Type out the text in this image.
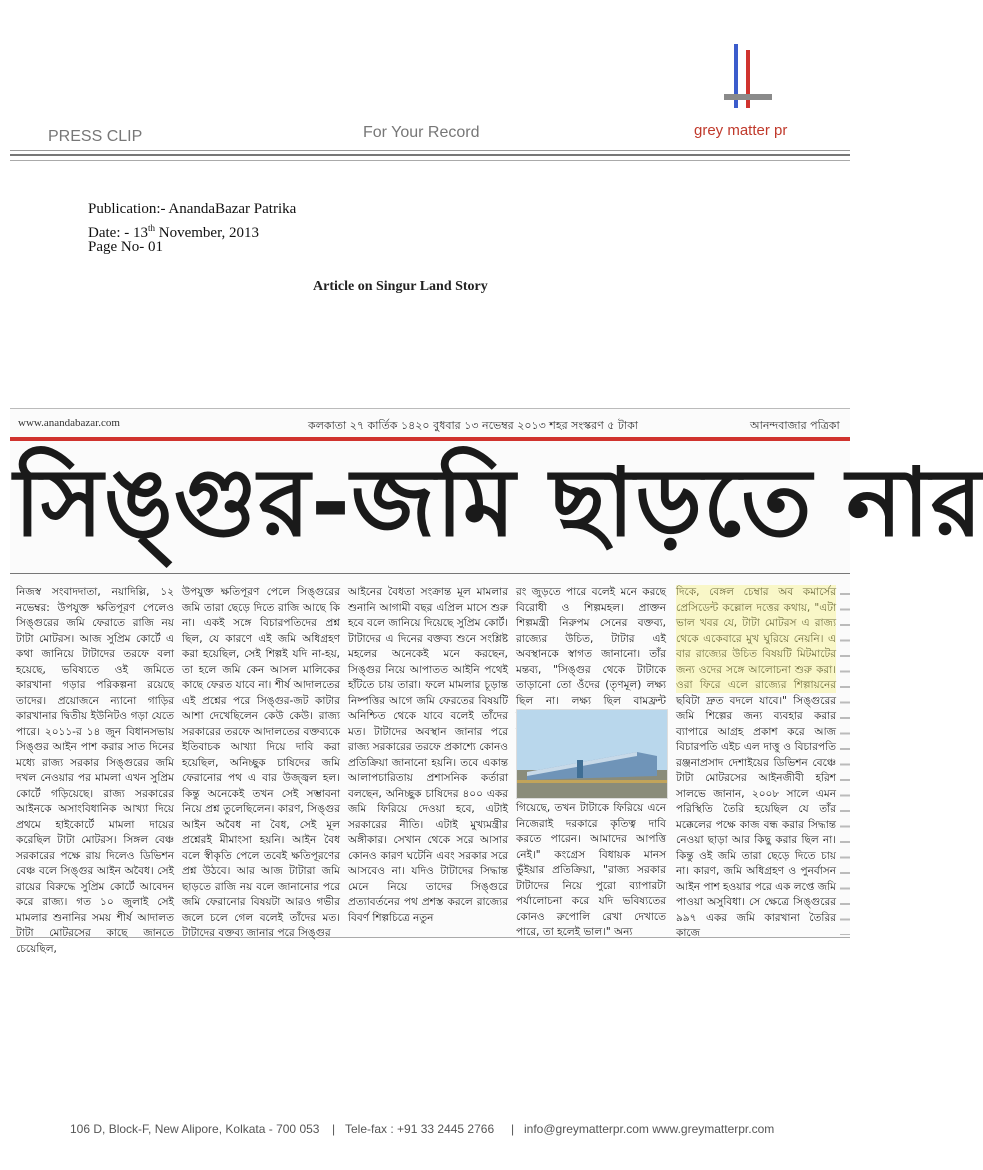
PRESS CLIP	For Your Record	grey matter pr
Publication:- AnandaBazar Patrika
Date: - 13th November, 2013
Page No- 01
Article on Singur Land Story
www.anandabazar.com	কলকাতা ২৭ কার্তিক ১৪২০ বুধবার ১৩ নভেম্বর ২০১৩ শহর সংস্করণ ৫ টাকা	আনন্দবাজার পত্রিকা
সিঙ্গুর-জমি ছাড়তে নার

নিজস্ব সংবাদদাতা, নয়াদিল্লি, ১২ নভেম্বর: উপযুক্ত ক্ষতিপূরণ পেলেও সিঙ্গুরের জমি ফেরাতে রাজি নয় টাটা মোটরস। আজ সুপ্রিম কোর্টে এ কথা জানিয়ে টাটাদের তরফে বলা হয়েছে, ভবিষ্যতে ওই জমিতে কারখানা গড়ার পরিকল্পনা রয়েছে তাদের। প্রয়োজনে ন্যানো গাড়ির কারখানার দ্বিতীয় ইউনিটও গড়া যেতে পারে। ২০১১-র ১৪ জুন বিধানসভায় সিঙ্গুর আইন পাশ করার সাত দিনের মধ্যে রাজ্য সরকার সিঙ্গুরের জমি দখল নেওয়ার পর মামলা এখন সুপ্রিম কোর্টে গড়িয়েছে। রাজ্য সরকারের আইনকে অসাংবিধানিক আখ্যা দিয়ে প্রথমে হাইকোর্টে মামলা দায়ের করেছিল টাটা মোটরস। সিঙ্গল বেঞ্চ সরকারের পক্ষে রায় দিলেও ডিভিশন বেঞ্চ বলে সিঙ্গুর আইন অবৈধ। সেই রায়ের বিরুদ্ধে সুপ্রিম কোর্টে আবেদন করে রাজ্য। গত ১০ জুলাই সেই মামলার শুনানির সময় শীর্ষ আদালত টাটা মোটরসের কাছে জানতে চেয়েছিল,

উপযুক্ত ক্ষতিপূরণ পেলে সিঙ্গুরের জমি তারা ছেড়ে দিতে রাজি আছে কি না। একই সঙ্গে বিচারপতিদের প্রশ্ন ছিল, যে কারণে এই জমি অধিগ্রহণ করা হয়েছিল, সেই শিল্পই যদি না-হয়, তা হলে জমি কেন আসল মালিকের কাছে ফেরত যাবে না। শীর্ষ আদালতের এই প্রশ্নের পরে সিঙ্গুর-জট কাটার আশা দেখেছিলেন কেউ কেউ। রাজ্য সরকারের তরফে আদালতের বক্তব্যকে ইতিবাচক আখ্যা দিয়ে দাবি করা হয়েছিল, অনিচ্ছুক চাষিদের জমি ফেরানোর পথ এ বার উজ্জ্বল হল। কিন্তু অনেকেই তখন সেই সম্ভাবনা নিয়ে প্রশ্ন তুলেছিলেন। কারণ, সিঙ্গুর আইন অবৈধ না বৈধ, সেই মূল প্রশ্নেরই মীমাংসা হয়নি। আইন বৈধ বলে স্বীকৃতি পেলে তবেই ক্ষতিপূরণের প্রশ্ন উঠবে। আর আজ টাটারা জমি ছাড়তে রাজি নয় বলে জানানোর পরে জমি ফেরানোর বিষয়টা আরও গভীর জলে চলে গেল বলেই তাঁদের মত। টাটাদের বক্তব্য জানার পরে সিঙ্গুর

আইনের বৈধতা সংক্রান্ত মূল মামলার শুনানি আগামী বছর এপ্রিল মাসে শুরু হবে বলে জানিয়ে দিয়েছে সুপ্রিম কোর্ট। টাটাদের এ দিনের বক্তব্য শুনে সংশ্লিষ্ট মহলের অনেকেই মনে করছেন, সিঙ্গুর নিয়ে আপাতত আইনি পথেই হাঁটতে চায় তারা। ফলে মামলার চূড়ান্ত নিষ্পত্তির আগে জমি ফেরতের বিষয়টি অনিশ্চিত থেকে যাবে বলেই তাঁদের মত। টাটাদের অবস্থান জানার পরে রাজ্য সরকারের তরফে প্রকাশ্যে কোনও প্রতিক্রিয়া জানানো হয়নি। তবে একান্ত আলাপচারিতায় প্রশাসনিক কর্তারা বলছেন, অনিচ্ছুক চাষিদের ৪০০ একর জমি ফিরিয়ে দেওয়া হবে, এটাই সরকারের নীতি। এটাই মুখ্যমন্ত্রীর অঙ্গীকার। সেখান থেকে সরে আসার কোনও কারণ ঘটেনি এবং সরকার সরে আসবেও না। যদিও টাটাদের সিদ্ধান্ত মেনে নিয়ে তাদের সিঙ্গুরে প্রত্যাবর্তনের পথ প্রশস্ত করলে রাজ্যের বিবর্ণ শিল্পচিত্রে নতুন

রং জুড়তে পারে বলেই মনে করছে বিরোধী ও শিল্পমহল। প্রাক্তন শিল্পমন্ত্রী নিরুপম সেনের বক্তব্য, রাজ্যের উচিত, টাটার এই অবস্থানকে স্বাগত জানানো। তাঁর মন্তব্য, "সিঙ্গুর থেকে টাটাকে তাড়ানো তো ওঁদের (তৃণমূল) লক্ষ্য ছিল না। লক্ষ্য ছিল বামফ্রন্ট

গিয়েছে, তখন টাটাকে ফিরিয়ে এনে নিজেরাই দরকারে কৃতিত্ব দাবি করতে পারেন। আমাদের আপত্তি নেই।" কংগ্রেস বিধায়ক মানস ভুঁইয়ার প্রতিক্রিয়া, "রাজ্য সরকার টাটাদের নিয়ে পুরো ব্যাপারটা পর্যালোচনা করে যদি ভবিষ্যতের কোনও রুপোলি রেখা দেখাতে পারে, তা হলেই ভাল।" অন্য

দিকে, বেঙ্গল চেম্বার অব কমার্সের প্রেসিডেন্ট কল্লোল দত্তের কথায়, "এটা ভাল খবর যে, টাটা মোটরস এ রাজ্য থেকে একেবারে মুখ ঘুরিয়ে নেয়নি। এ বার রাজ্যের উচিত বিষয়টি মিটমাটের জন্য ওদের সঙ্গে আলোচনা শুরু করা। ওরা ফিরে এলে রাজ্যের শিল্পায়নের ছবিটা দ্রুত বদলে যাবে।" সিঙ্গুরের জমি শিল্পের জন্য ব্যবহার করার ব্যাপারে আগ্রহ প্রকাশ করে আজ বিচারপতি এইচ এল দাত্তু ও বিচারপতি রঞ্জনাপ্রসাদ দেশাইয়ের ডিভিশন বেঞ্চে টাটা মোটরসের আইনজীবী হরিশ সালভে জানান, ২০০৮ সালে এমন পরিস্থিতি তৈরি হয়েছিল যে তাঁর মক্কেলের পক্ষে কাজ বন্ধ করার সিদ্ধান্ত নেওয়া ছাড়া আর কিছু করার ছিল না। কিন্তু ওই জমি তারা ছেড়ে দিতে চায় না। কারণ, জমি অধিগ্রহণ ও পুনর্বাসন আইন পাশ হওয়ার পরে এক লপ্তে জমি পাওয়া অসুবিধা। সে ক্ষেত্রে সিঙ্গুরের ৯৯৭ একর জমি কারখানা তৈরির কাজে

106 D, Block-F, New Alipore, Kolkata - 700 053 | Tele-fax : +91 33 2445 2766 | info@greymatterpr.com www.greymatterpr.com
